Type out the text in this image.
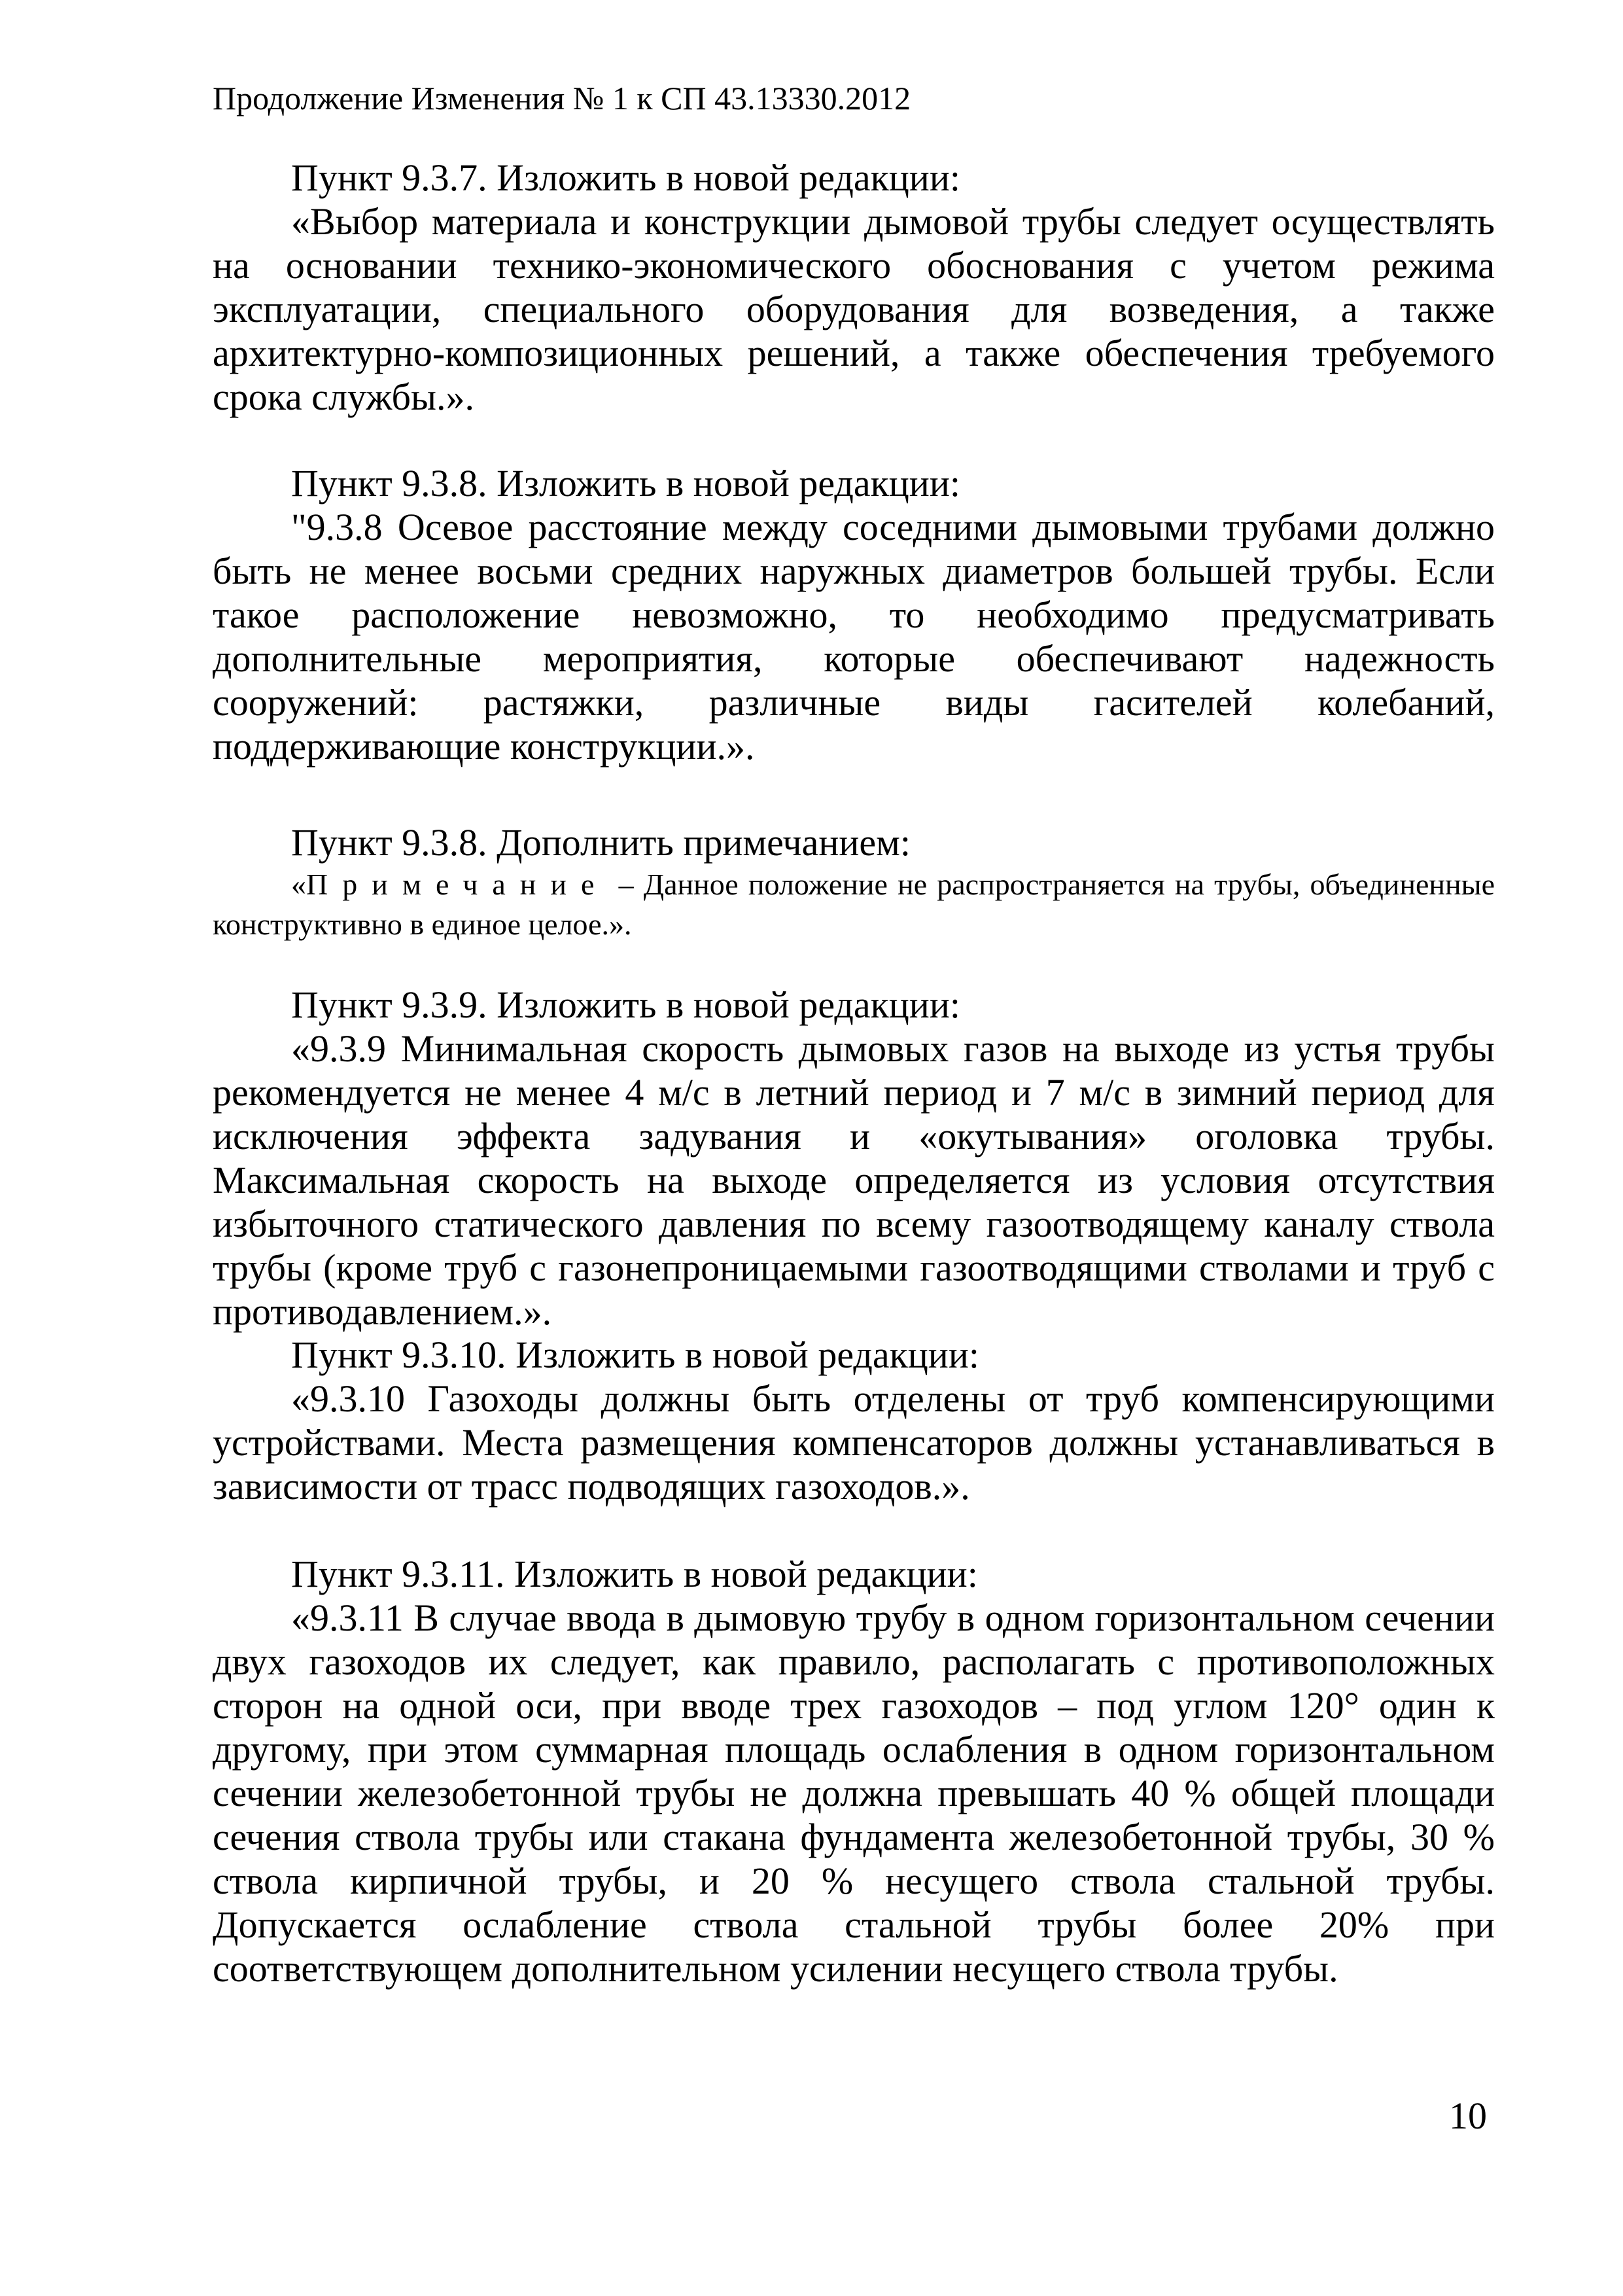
Продолжение Изменения № 1 к СП 43.13330.2012
Пункт 9.3.7. Изложить в новой редакции:
«Выбор материала и конструкции дымовой трубы следует осуществлять на основании технико-экономического обоснования с учетом режима эксплуатации, специального оборудования для возведения, а также архитектурно-композиционных решений, а также обеспечения требуемого срока службы.».
Пункт 9.3.8. Изложить в новой редакции:
"9.3.8 Осевое расстояние между соседними дымовыми трубами должно быть не менее восьми средних наружных диаметров большей трубы. Если такое расположение невозможно, то необходимо предусматривать дополнительные мероприятия, которые обеспечивают надежность сооружений: растяжки, различные виды гасителей колебаний, поддерживающие конструкции.».
Пункт 9.3.8. Дополнить примечанием:
«Примечание – Данное положение не распространяется на трубы, объединенные конструктивно в единое целое.».
Пункт 9.3.9. Изложить в новой редакции:
«9.3.9 Минимальная скорость дымовых газов на выходе из устья трубы рекомендуется не менее 4 м/с в летний период и 7 м/с в зимний период для исключения эффекта задувания и «окутывания» оголовка трубы. Максимальная скорость на выходе определяется из условия отсутствия избыточного статического давления по всему газоотводящему каналу ствола трубы (кроме труб с газонепроницаемыми газоотводящими стволами и труб с противодавлением.».
Пункт 9.3.10. Изложить в новой редакции:
«9.3.10 Газоходы должны быть отделены от труб компенсирующими устройствами. Места размещения компенсаторов должны устанавливаться в зависимости от трасс подводящих газоходов.».
Пункт 9.3.11. Изложить в новой редакции:
«9.3.11 В случае ввода в дымовую трубу в одном горизонтальном сечении двух газоходов их следует, как правило, располагать с противоположных сторон на одной оси, при вводе трех газоходов – под углом 120° один к другому, при этом суммарная площадь ослабления в одном горизонтальном сечении железобетонной трубы не должна превышать 40 % общей площади сечения ствола трубы или стакана фундамента железобетонной трубы, 30 % ствола кирпичной трубы, и 20 % несущего ствола стальной трубы. Допускается ослабление ствола стальной трубы более 20% при соответствующем дополнительном усилении несущего ствола трубы.
10
